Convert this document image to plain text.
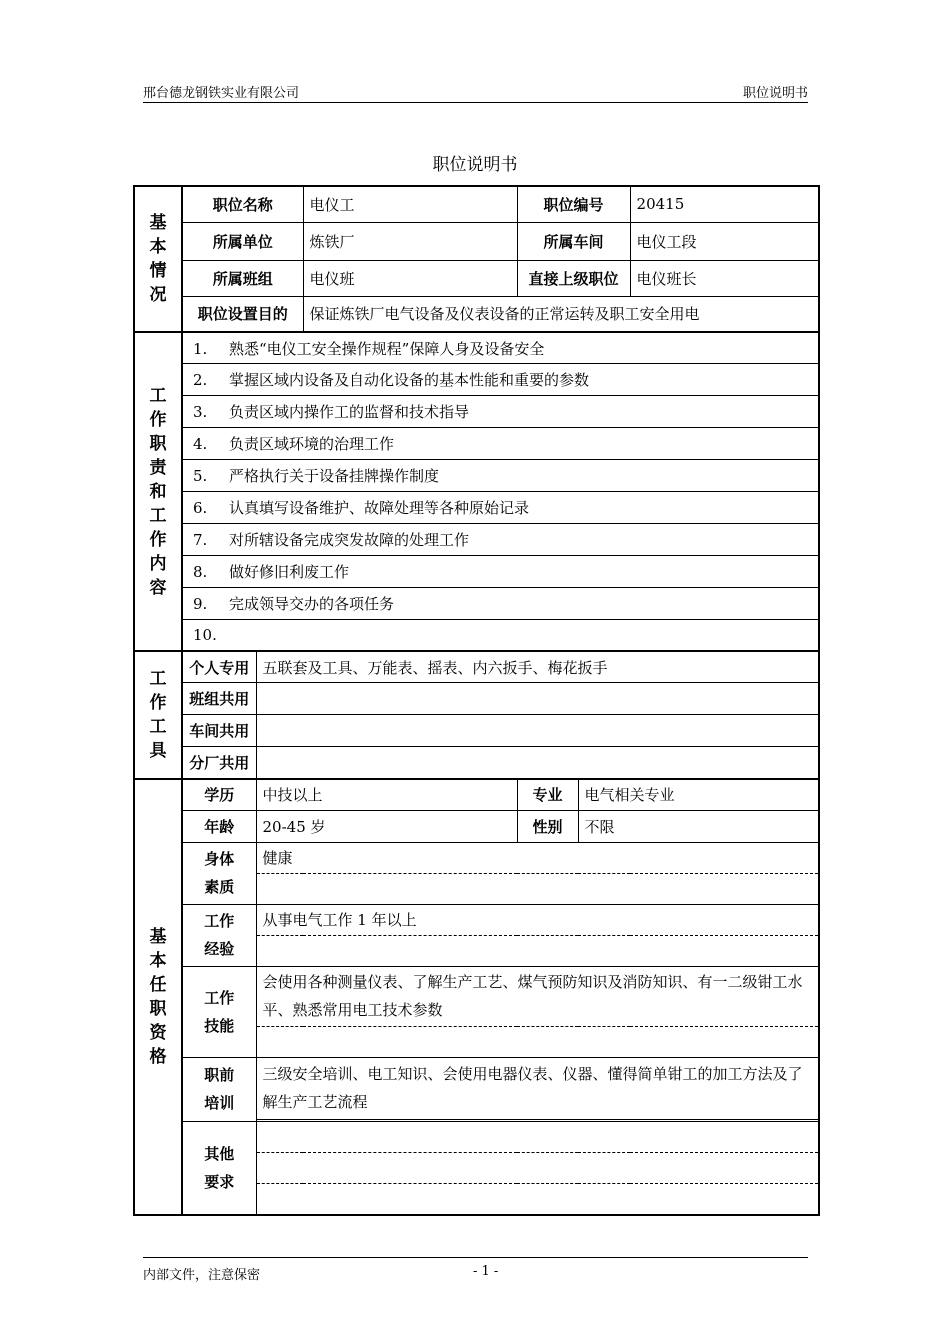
邢台德龙钢铁实业有限公司	职位说明书
职位说明书
基本情况	职位名称		电仪工	职位编号		20415
	所属单位		炼铁厂	所属车间		电仪工段
	所属班组		电仪班	直接上级职位		电仪班长
	职位设置目的		保证炼铁厂电气设备及仪表设备的正常运转及职工安全用电			
工作职责和工作内容	1. 熟悉“电仪工安全操作规程”保障人身及设备安全					
	2. 掌握区域内设备及自动化设备的基本性能和重要的参数					
	3. 负责区域内操作工的监督和技术指导					
	4. 负责区域环境的治理工作					
	5. 严格执行关于设备挂牌操作制度					
	6. 认真填写设备维护、故障处理等各种原始记录					
	7. 对所辖设备完成突发故障的处理工作					
	8. 做好修旧利废工作					
	9. 完成领导交办的各项任务					
	10.					
工作工具	个人专用	五联套及工具、万能表、摇表、内六扳手、梅花扳手				
	班组共用					
	车间共用					
	分厂共用					
基本任职资格	学历	中技以上		专业	电气相关专业	
	年龄	20-45 岁		性别	不限	
	身体素质	健康				

	工作经验	从事电气工作 1 年以上				

	工作技能	会使用各种测量仪表、了解生产工艺、煤气预防知识及消防知识、有一二级钳工水平、熟悉常用电工技术参数				

	职前培训	三级安全培训、电工知识、会使用电器仪表、仪器、懂得简单钳工的加工方法及了解生产工艺流程				

	其他要求					

内部文件，注意保密	- 1 -
